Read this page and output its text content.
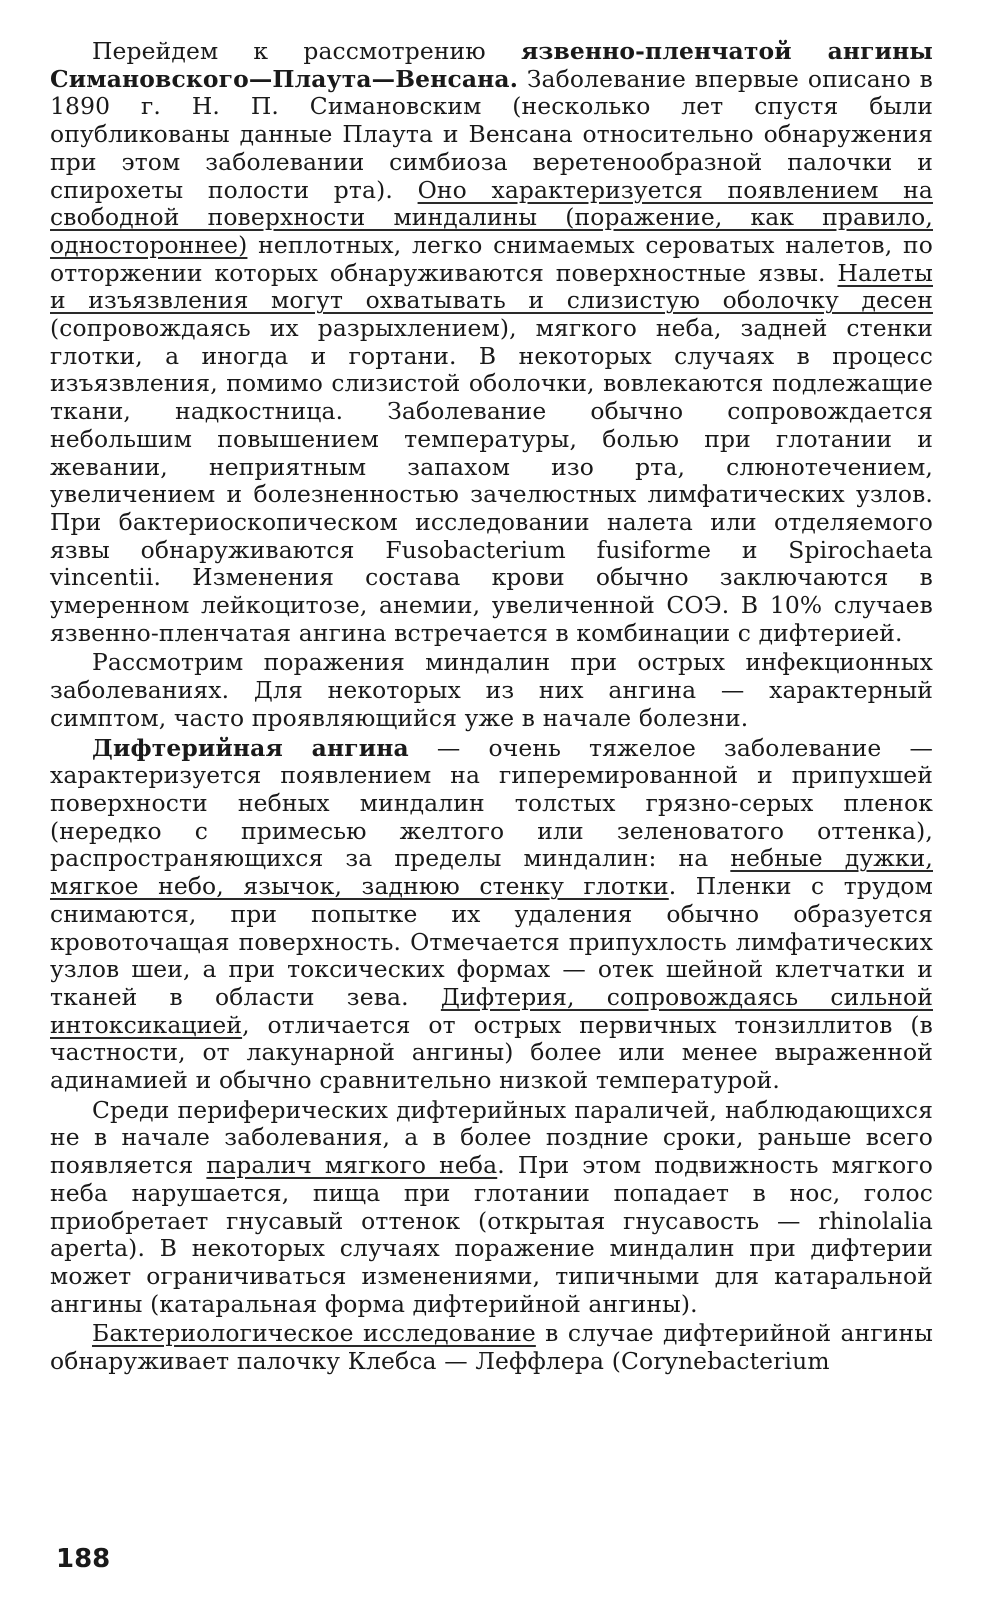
Перейдем к рассмотрению язвенно-пленчатой ангины Симановского—Плаута—Венсана. Заболевание впервые описано в 1890 г. Н. П. Симановским (несколько лет спустя были опубликованы данные Плаута и Венсана относительно обнаружения при этом заболевании симбиоза веретенообразной палочки и спирохеты полости рта). Оно характеризуется появлением на свободной поверхности миндалины (поражение, как правило, одностороннее) неплотных, легко снимаемых сероватых налетов, по отторжении которых обнаруживаются поверхностные язвы. Налеты и изъязвления могут охватывать и слизистую оболочку десен (сопровождаясь их разрыхлением), мягкого неба, задней стенки глотки, а иногда и гортани. В некоторых случаях в процесс изъязвления, помимо слизистой оболочки, вовлекаются подлежащие ткани, надкостница. Заболевание обычно сопровождается небольшим повышением температуры, болью при глотании и жевании, неприятным запахом изо рта, слюнотечением, увеличением и болезненностью зачелюстных лимфатических узлов. При бактериоскопическом исследовании налета или отделяемого язвы обнаруживаются Fusobacterium fusiforme и Spirochaeta vincentii. Изменения состава крови обычно заключаются в умеренном лейкоцитозе, анемии, увеличенной СОЭ. В 10% случаев язвенно-пленчатая ангина встречается в комбинации с дифтерией.

Рассмотрим поражения миндалин при острых инфекционных заболеваниях. Для некоторых из них ангина — характерный симптом, часто проявляющийся уже в начале болезни.

Дифтерийная ангина — очень тяжелое заболевание — характеризуется появлением на гиперемированной и припухшей поверхности небных миндалин толстых грязно-серых пленок (нередко с примесью желтого или зеленоватого оттенка), распространяющихся за пределы миндалин: на небные дужки, мягкое небо, язычок, заднюю стенку глотки. Пленки с трудом снимаются, при попытке их удаления обычно образуется кровоточащая поверхность. Отмечается припухлость лимфатических узлов шеи, а при токсических формах — отек шейной клетчатки и тканей в области зева. Дифтерия, сопровождаясь сильной интоксикацией, отличается от острых первичных тонзиллитов (в частности, от лакунарной ангины) более или менее выраженной адинамией и обычно сравнительно низкой температурой.

Среди периферических дифтерийных параличей, наблюдающихся не в начале заболевания, а в более поздние сроки, раньше всего появляется паралич мягкого неба. При этом подвижность мягкого неба нарушается, пища при глотании попадает в нос, голос приобретает гнусавый оттенок (открытая гнусавость — rhinolalia aperta). В некоторых случаях поражение миндалин при дифтерии может ограничиваться изменениями, типичными для катаральной ангины (катаральная форма дифтерийной ангины).

Бактериологическое исследование в случае дифтерийной ангины обнаруживает палочку Клебса — Леффлера (Corynebacterium

188
